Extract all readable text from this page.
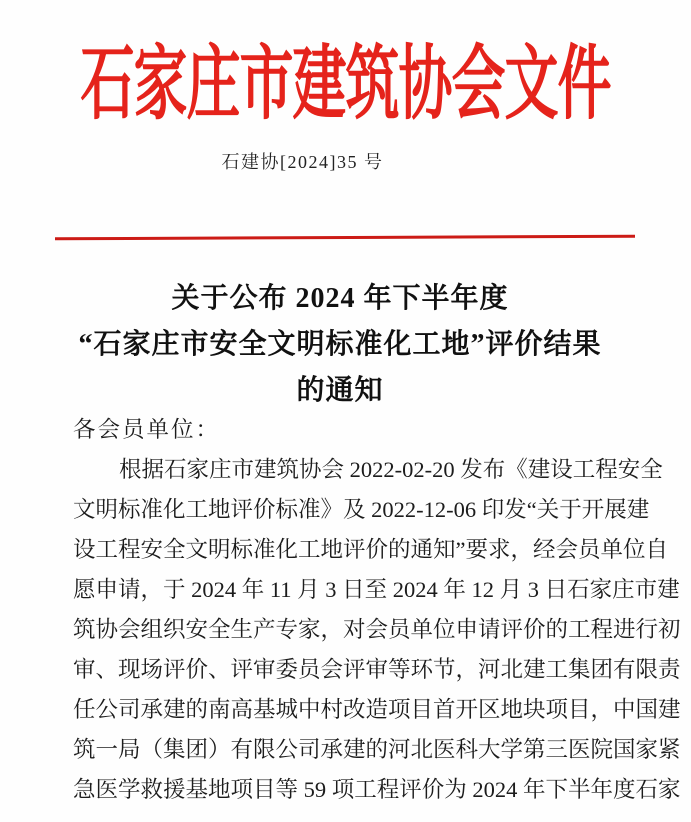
石家庄市建筑协会文件
石建协[2024]35 号
关于公布 2024 年下半年度
“石家庄市安全文明标准化工地”评价结果
的通知
各会员单位：
根据石家庄市建筑协会 2022-02-20 发布《建设工程安全
文明标准化工地评价标准》及 2022-12-06 印发“关于开展建
设工程安全文明标准化工地评价的通知”要求，经会员单位自
愿申请，于 2024 年 11 月 3 日至 2024 年 12 月 3 日石家庄市建
筑协会组织安全生产专家，对会员单位申请评价的工程进行初
审、现场评价、评审委员会评审等环节，河北建工集团有限责
任公司承建的南高基城中村改造项目首开区地块项目，中国建
筑一局（集团）有限公司承建的河北医科大学第三医院国家紧
急医学救援基地项目等 59 项工程评价为 2024 年下半年度石家
